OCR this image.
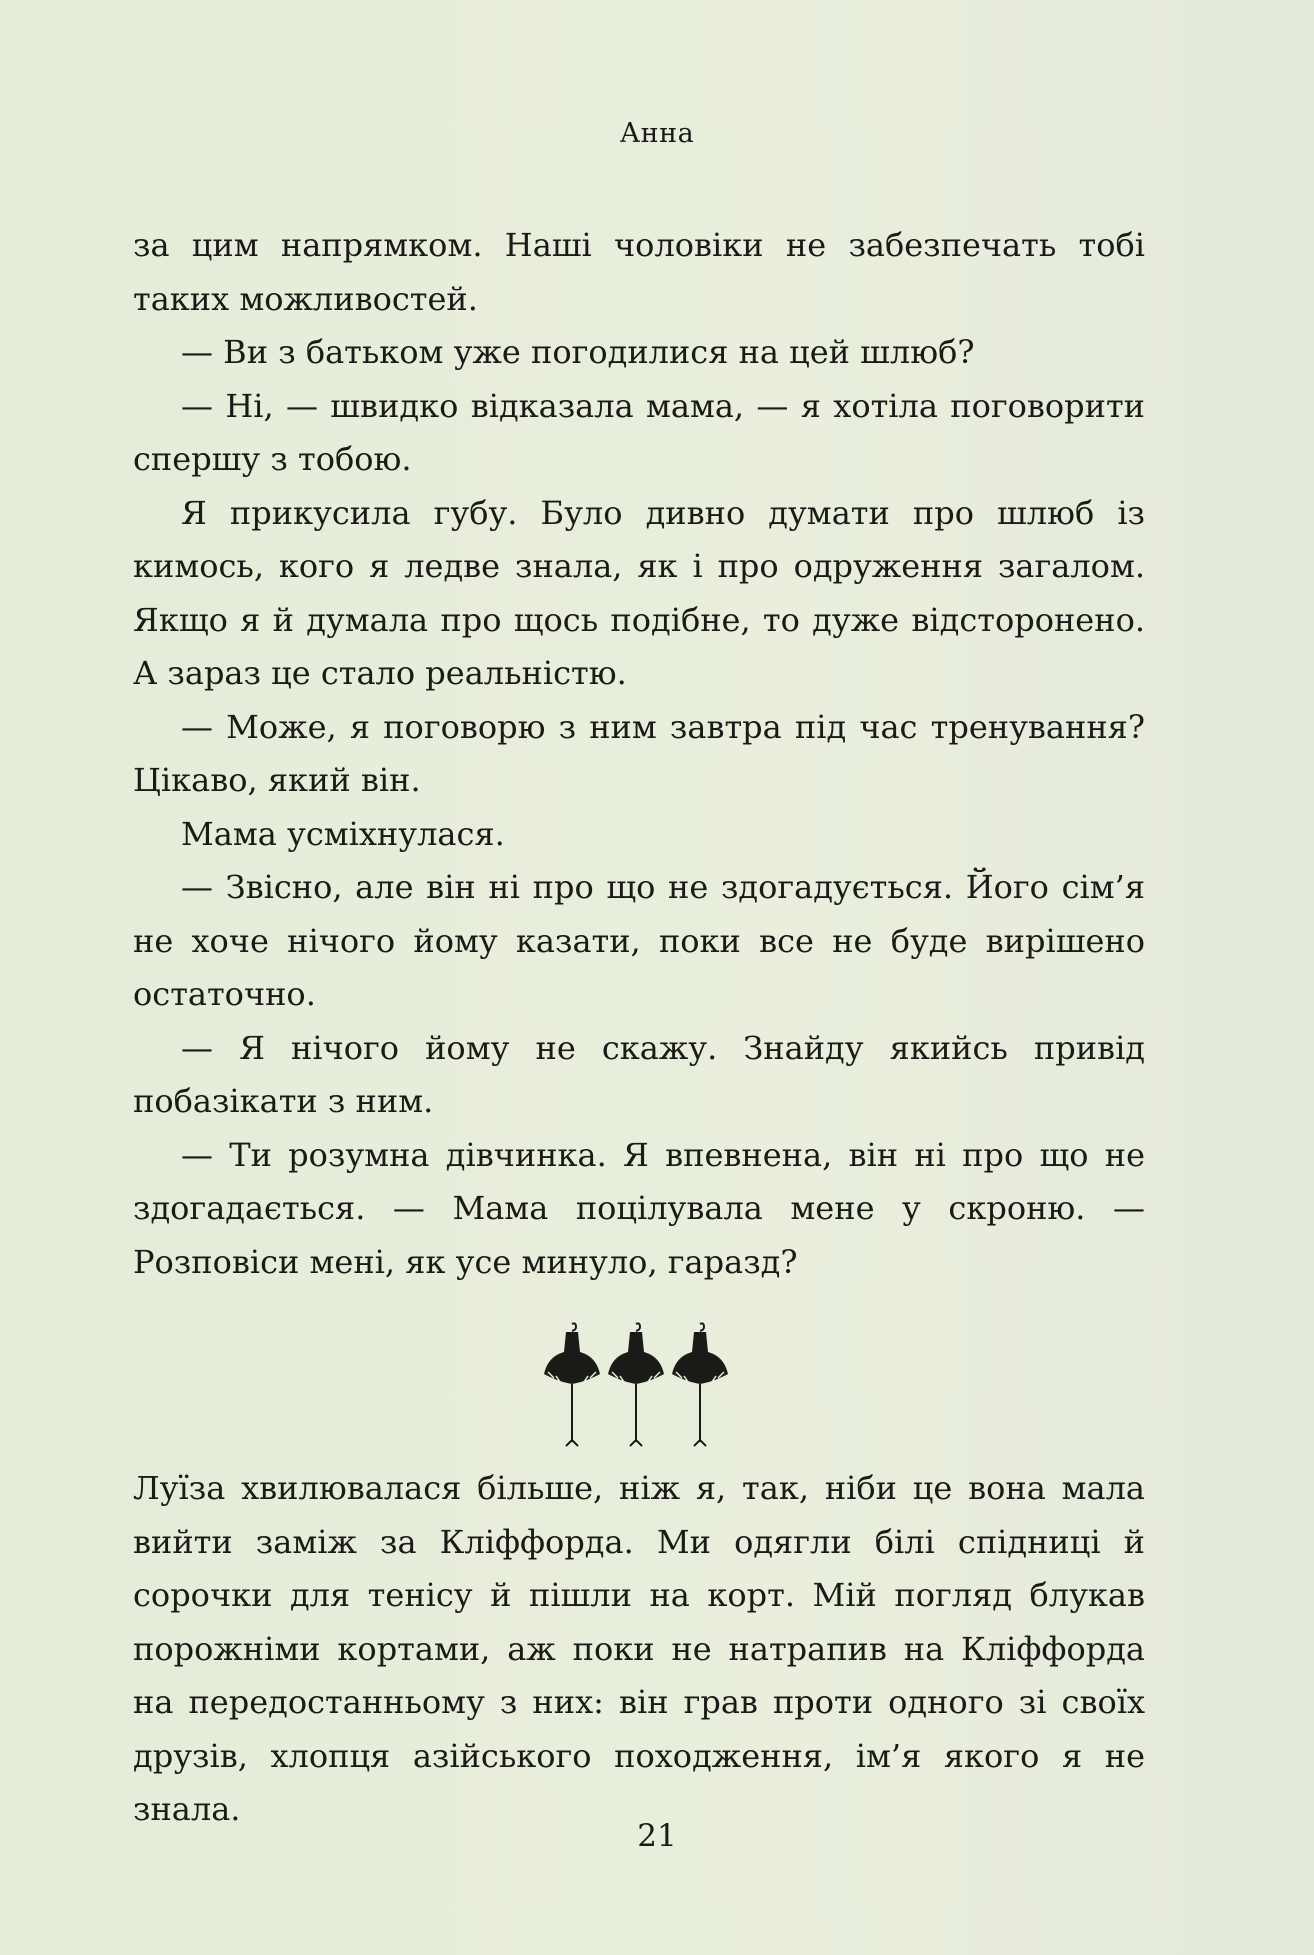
Анна

за цим напрямком. Наші чоловіки не забезпечать тобі таких можливостей.

— Ви з батьком уже погодилися на цей шлюб?

— Ні, — швидко відказала мама, — я хотіла поговорити спершу з тобою.

Я прикусила губу. Було дивно думати про шлюб із кимось, кого я ледве знала, як і про одруження загалом. Якщо я й думала про щось подібне, то дуже відсторонено. А зараз це стало реальністю.

— Може, я поговорю з ним завтра під час тренування? Цікаво, який він.

Мама усміхнулася.

— Звісно, але він ні про що не здогадується. Його сім’я не хоче нічого йому казати, поки все не буде вирішено остаточно.

— Я нічого йому не скажу. Знайду якийсь привід побазікати з ним.

— Ти розумна дівчинка. Я впевнена, він ні про що не здогадається. — Мама поцілувала мене у скроню. — Розповіси мені, як усе минуло, гаразд?

Луїза хвилювалася більше, ніж я, так, ніби це вона мала вийти заміж за Кліффорда. Ми одягли білі спідниці й сорочки для тенісу й пішли на корт. Мій погляд блукав порожніми кортами, аж поки не натрапив на Кліффорда на передостанньому з них: він грав проти одного зі своїх друзів, хлопця азійського походження, ім’я якого я не знала.

21
